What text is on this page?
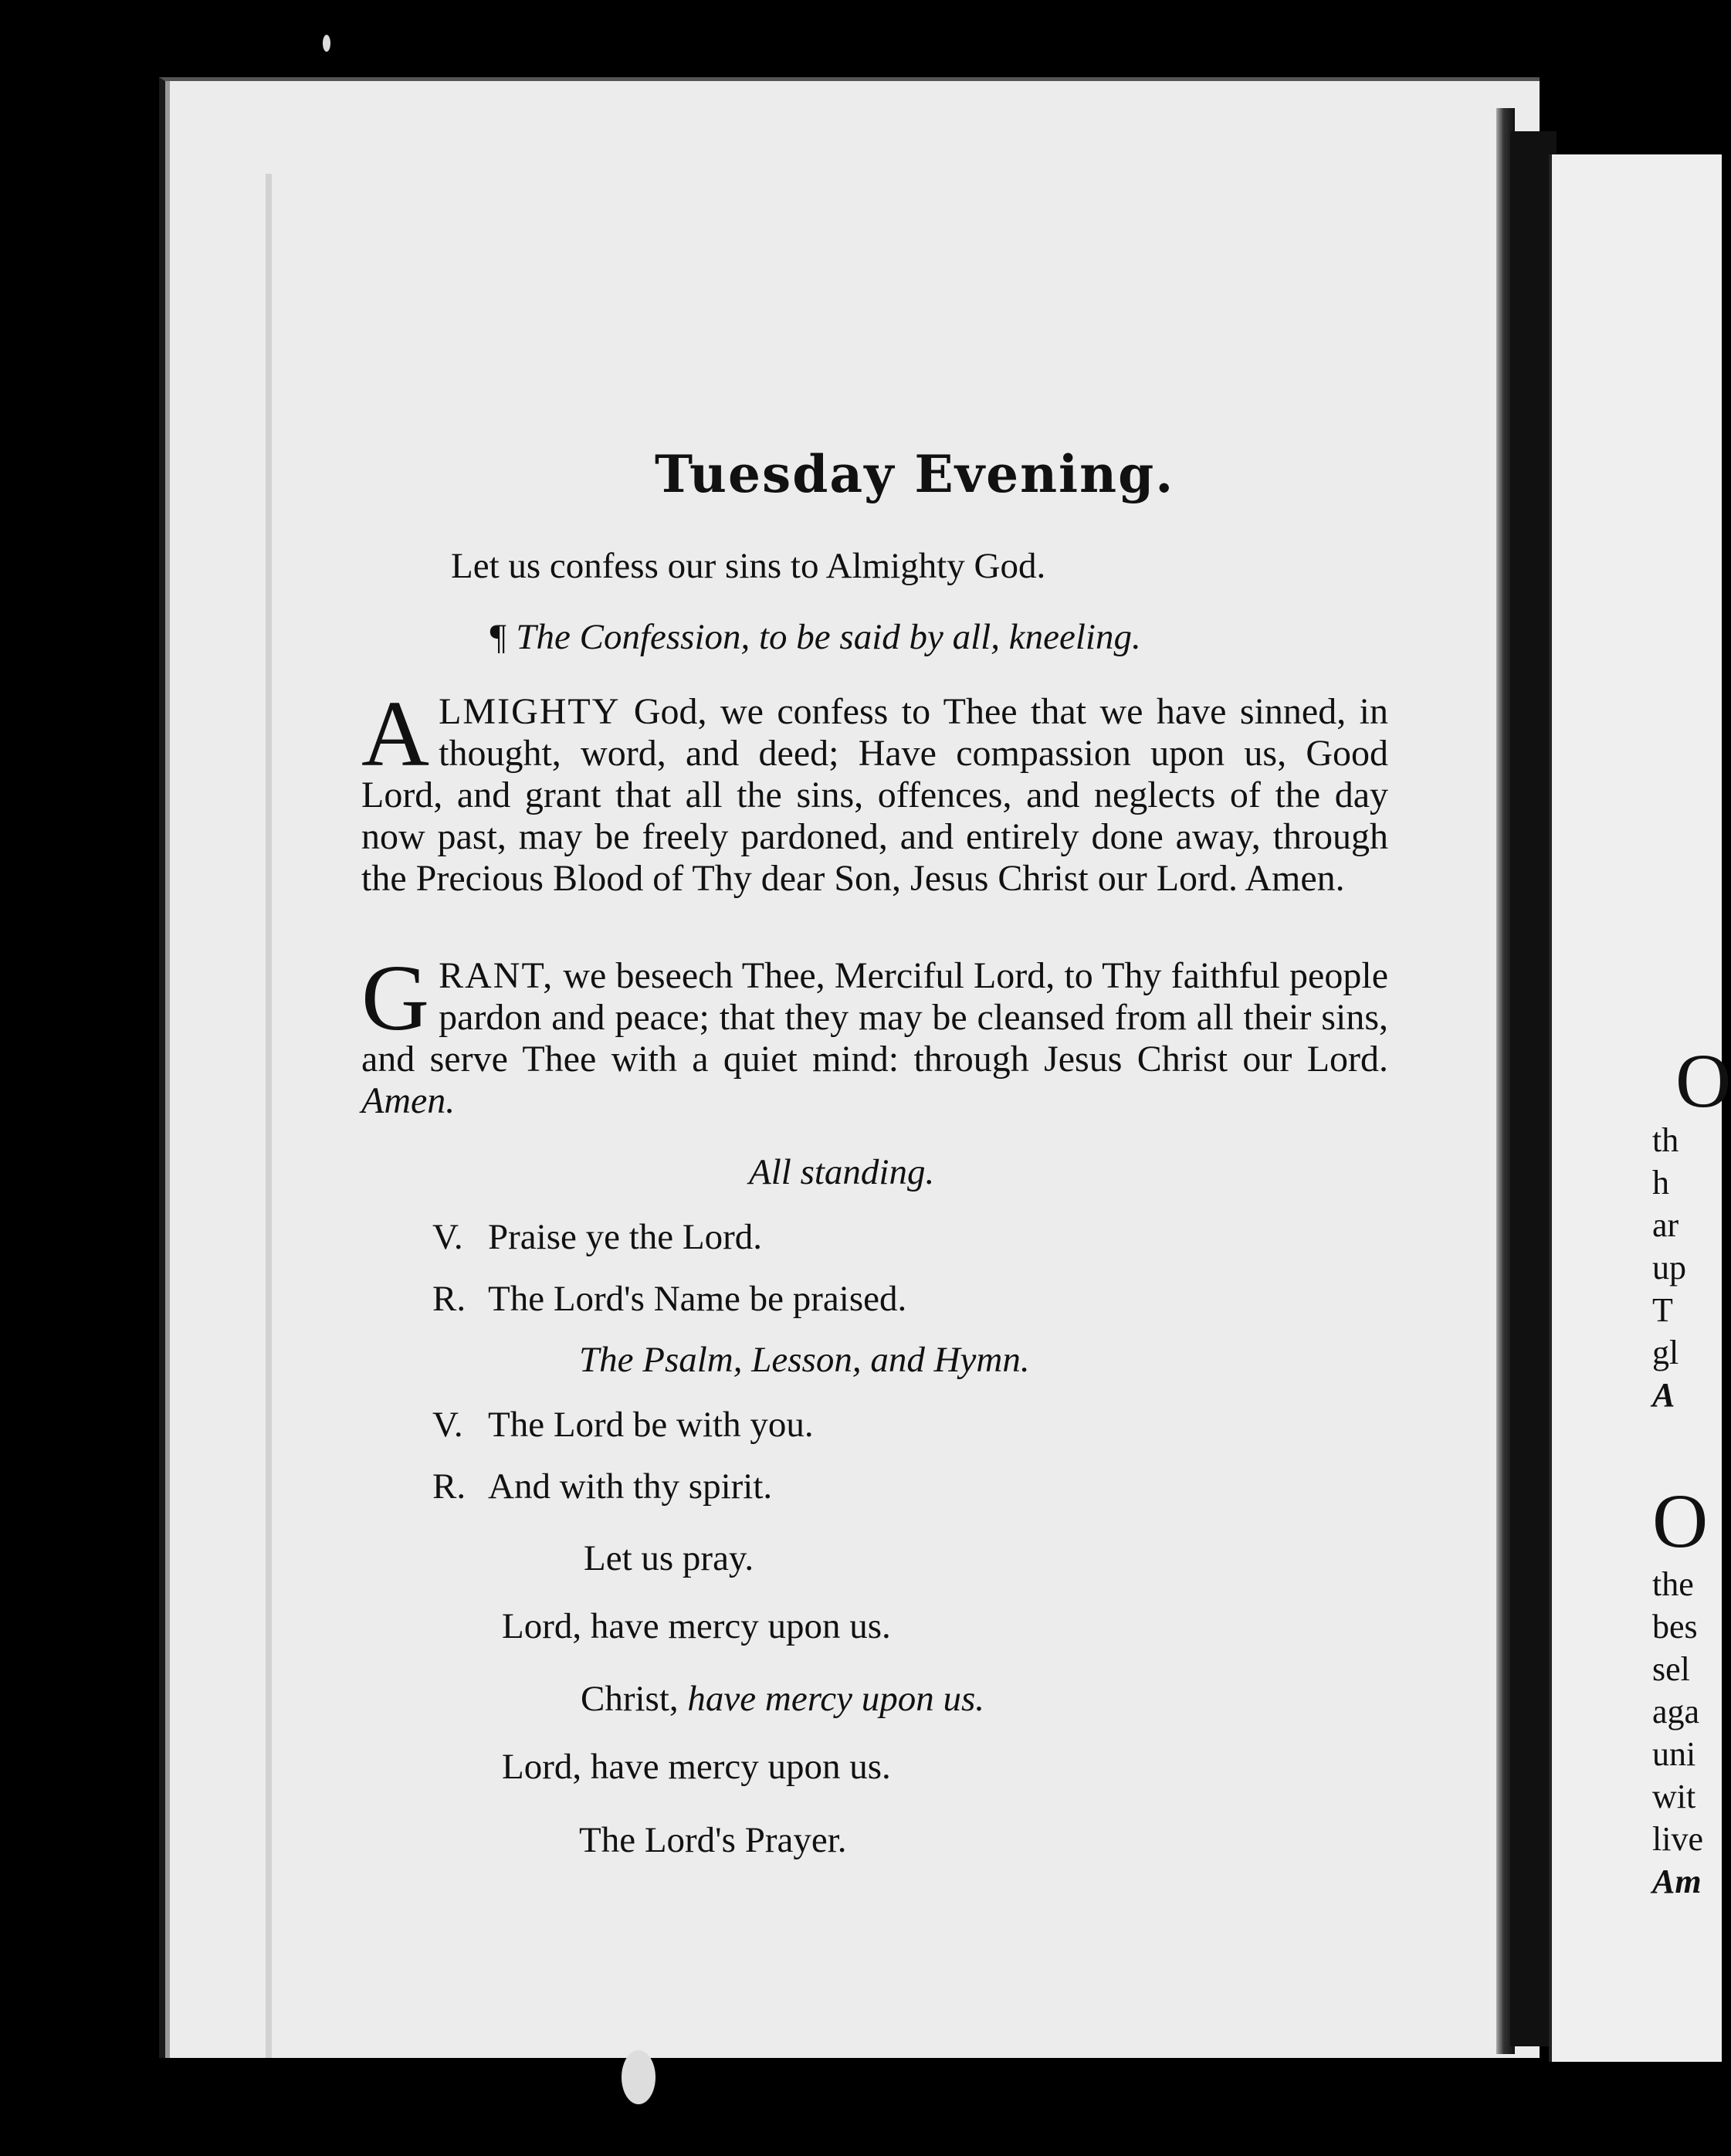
O
th
h
ar
up
T
gl
A
O
the
bes
sel
aga
uni
wit
live
Am
Tuesday Evening.
Let us confess our sins to Almighty God.
¶ The Confession, to be said by all, kneeling.
ALMIGHTY God, we confess to Thee that we have sinned, in thought, word, and deed; Have compassion upon us, Good Lord, and grant that all the sins, offences, and neglects of the day now past, may be freely pardoned, and entirely done away, through the Precious Blood of Thy dear Son, Jesus Christ our Lord. Amen.
GRANT, we beseech Thee, Merciful Lord, to Thy faithful people pardon and peace; that they may be cleansed from all their sins, and serve Thee with a quiet mind: through Jesus Christ our Lord. Amen.
All standing.
V. Praise ye the Lord.
R. The Lord's Name be praised.
The Psalm, Lesson, and Hymn.
V. The Lord be with you.
R. And with thy spirit.
Let us pray.
Lord, have mercy upon us.
Christ, have mercy upon us.
Lord, have mercy upon us.
The Lord's Prayer.
